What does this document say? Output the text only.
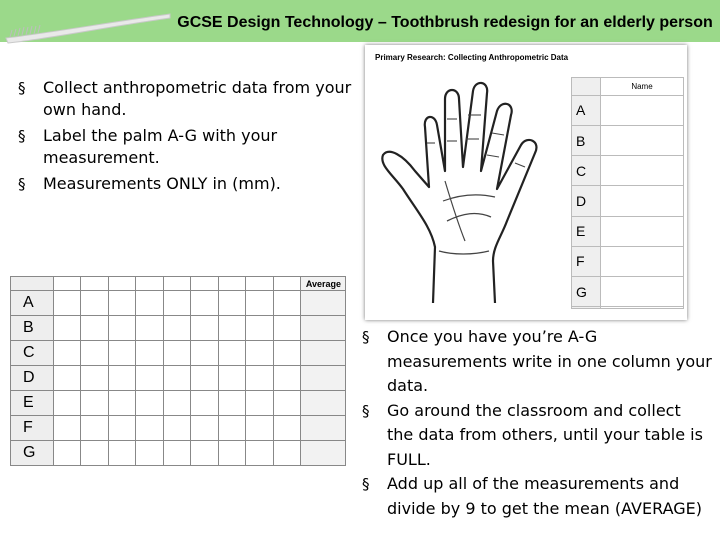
GCSE Design Technology – Toothbrush redesign for an elderly person
§ Collect anthropometric data from your own hand.
§ Label the palm A-G with your measurement.
§ Measurements ONLY in (mm).
Primary Research: Collecting Anthropometric Data
	Name
A	
B	
C	
D	
E	
F	
G	

										Average
A										
B										
C										
D										
E										
F										
G										
§ Once you have you’re A-G measurements write in one column your data.
§ Go around the classroom and collect the data from others, until your table is FULL.
§ Add up all of the measurements and divide by 9 to get the mean (AVERAGE)
